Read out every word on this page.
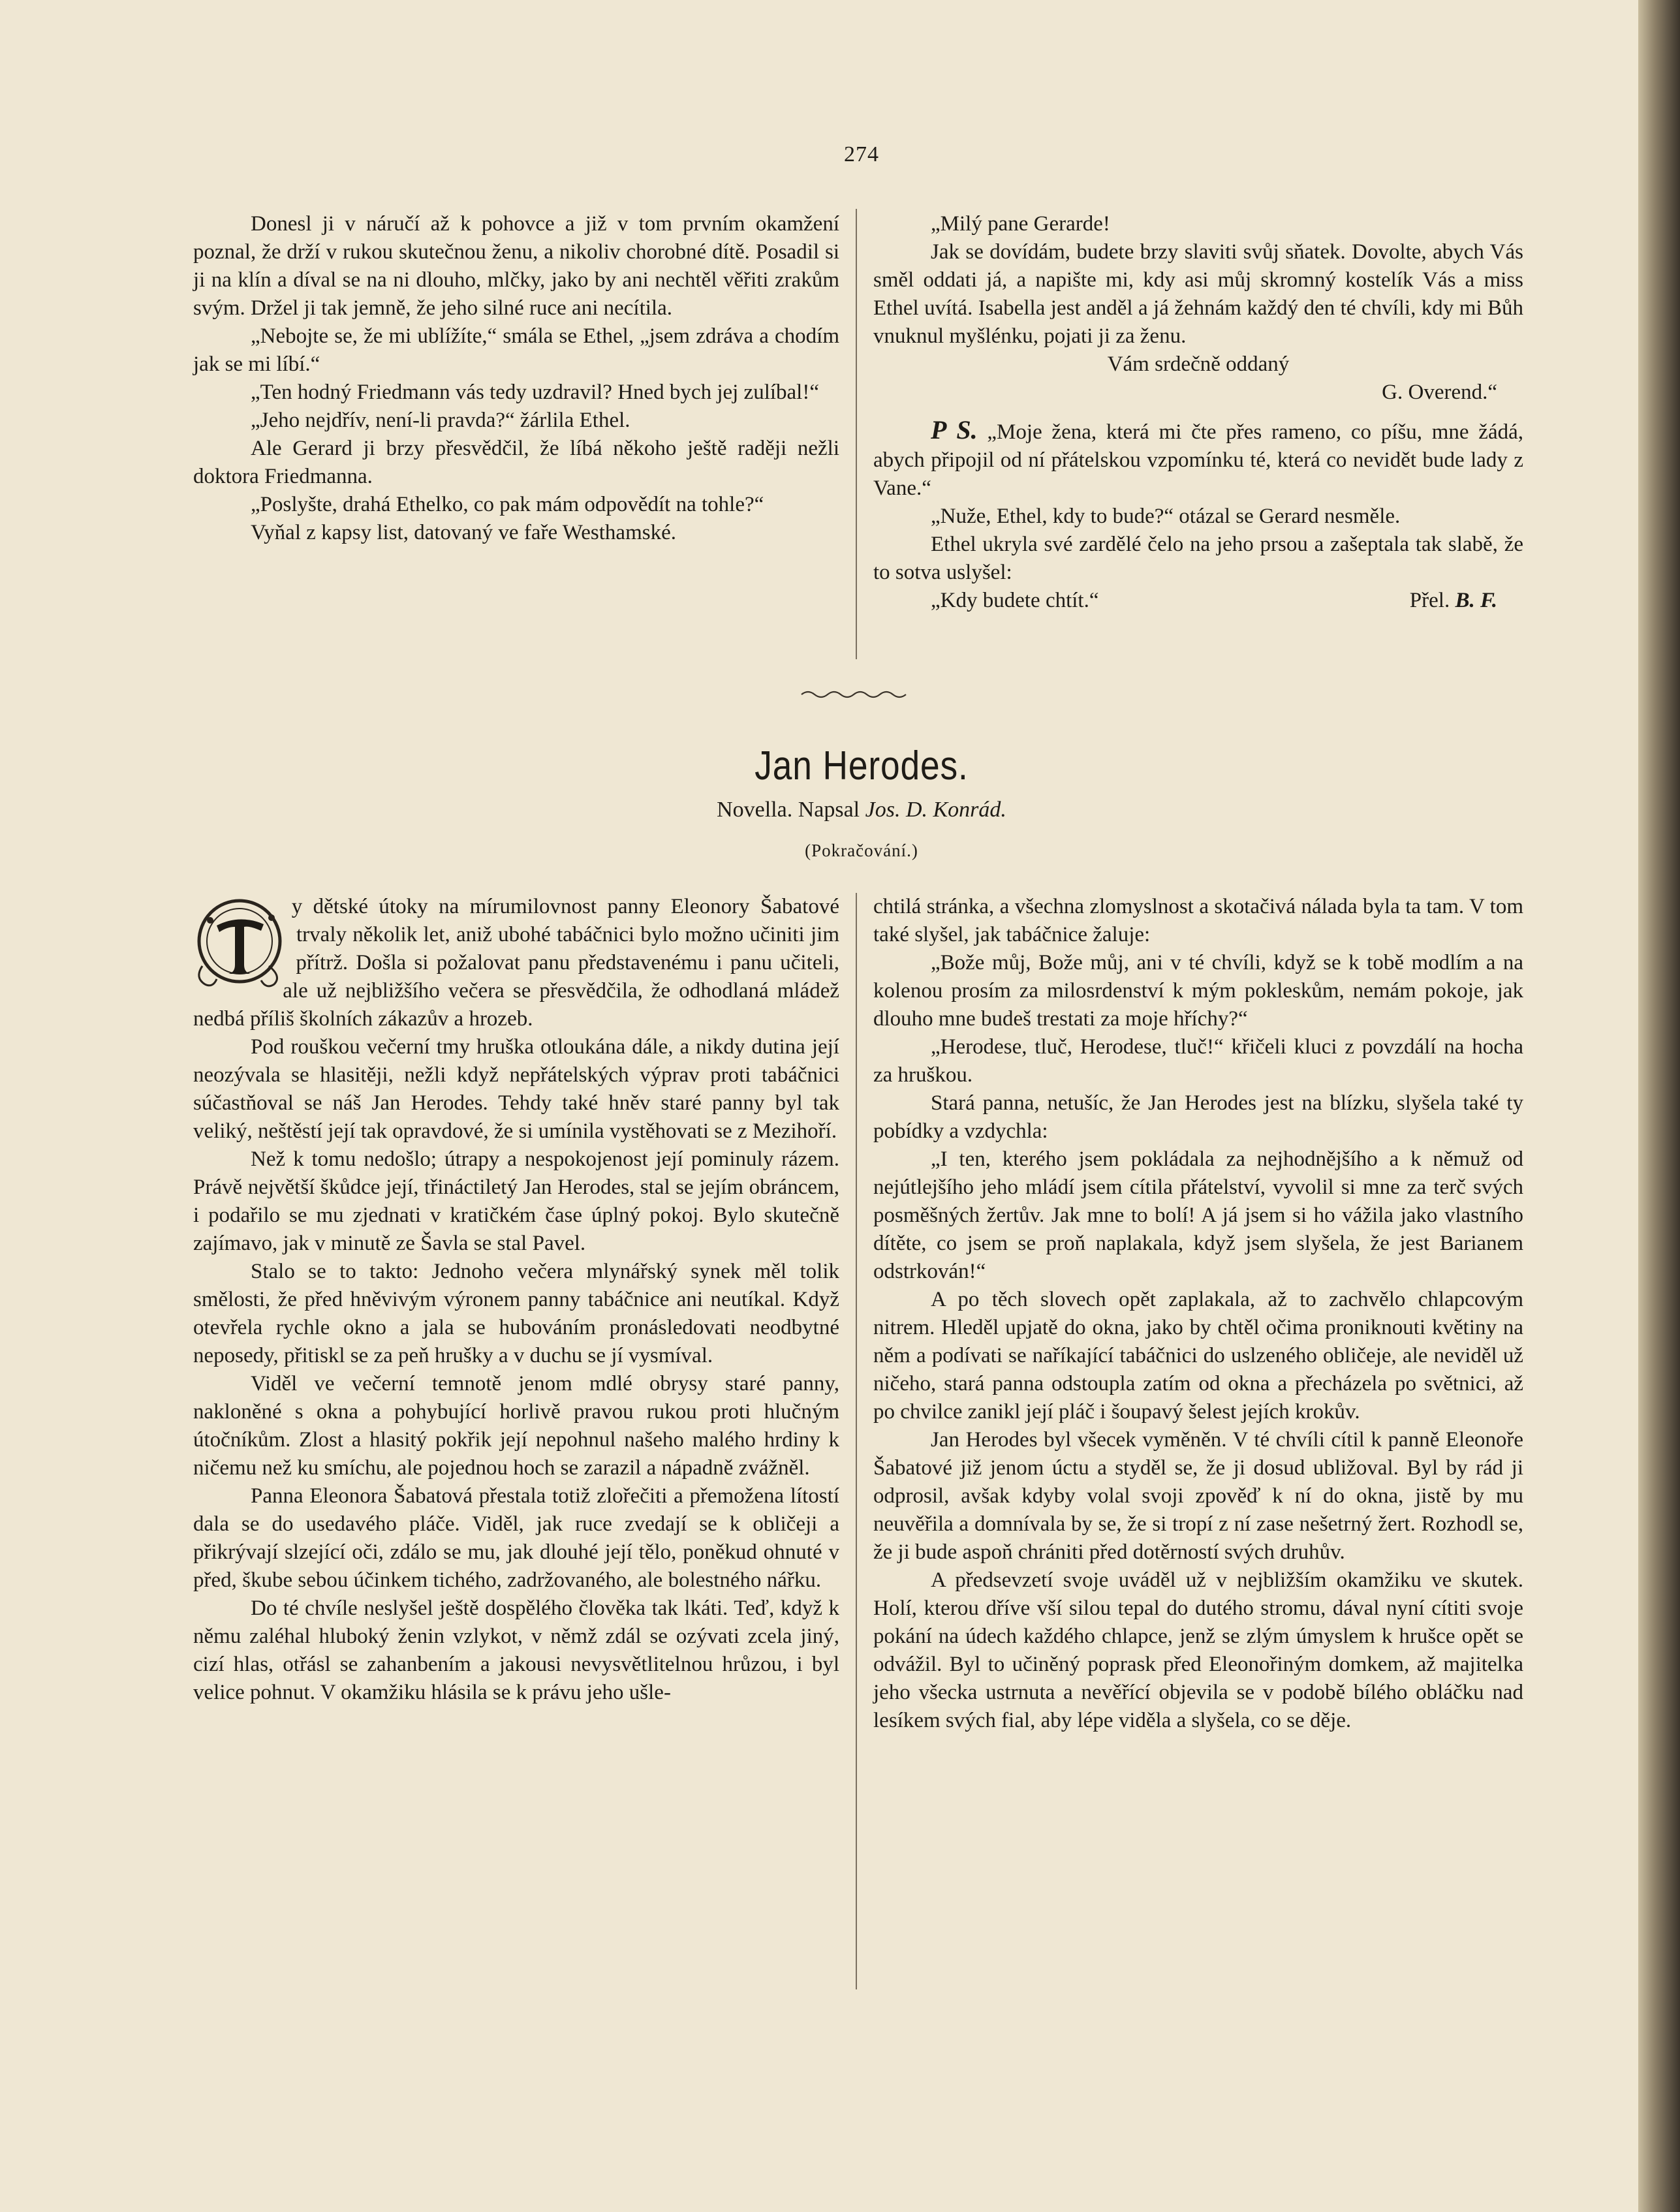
274

Donesl ji v náručí až k pohovce a již v tom prvním okamžení poznal, že drží v rukou skutečnou ženu, a nikoliv chorobné dítě. Posadil si ji na klín a díval se na ni dlouho, mlčky, jako by ani nechtěl věřiti zrakům svým. Držel ji tak jemně, že jeho silné ruce ani necítila.

„Nebojte se, že mi ublížíte,“ smála se Ethel, „jsem zdráva a chodím jak se mi líbí.“

„Ten hodný Friedmann vás tedy uzdravil? Hned bych jej zulíbal!“

„Jeho nejdřív, není-li pravda?“ žárlila Ethel.

Ale Gerard ji brzy přesvědčil, že líbá někoho ještě raději nežli doktora Friedmanna.

„Poslyšte, drahá Ethelko, co pak mám odpovědít na tohle?“

Vyňal z kapsy list, datovaný ve faře Westhamské.

„Milý pane Gerarde!

Jak se dovídám, budete brzy slaviti svůj sňatek. Dovolte, abych Vás směl oddati já, a napište mi, kdy asi můj skromný kostelík Vás a miss Ethel uvítá. Isabella jest anděl a já žehnám každý den té chvíli, kdy mi Bůh vnuknul myšlénku, pojati ji za ženu.

Vám srdečně oddaný

G. Overend.“

P S. „Moje žena, která mi čte přes rameno, co píšu, mne žádá, abych připojil od ní přátelskou vzpomínku té, která co nevidět bude lady z Vane.“

„Nuže, Ethel, kdy to bude?“ otázal se Gerard nesměle.

Ethel ukryla své zardělé čelo na jeho prsou a zašeptala tak slabě, že to sotva uslyšel:

„Kdy budete chtít.“	Přel. B. F.

Jan Herodes.
Novella. Napsal Jos. D. Konrád.
(Pokračování.)

y dětské útoky na mírumilovnost panny Eleonory Šabatové trvaly několik let, aniž ubohé tabáčnici bylo možno učiniti jim přítrž. Došla si požalovat panu představenému i panu učiteli, ale už nejbližšího večera se přesvědčila, že odhodlaná mládež nedbá příliš školních zákazův a hrozeb.

Pod rouškou večerní tmy hruška otloukána dále, a nikdy dutina její neozývala se hlasitěji, nežli když nepřátelských výprav proti tabáčnici súčastňoval se náš Jan Herodes. Tehdy také hněv staré panny byl tak veliký, neštěstí její tak opravdové, že si umínila vystěhovati se z Mezihoří.

Než k tomu nedošlo; útrapy a nespokojenost její pominuly rázem. Právě největší škůdce její, třináctiletý Jan Herodes, stal se jejím obráncem, i podařilo se mu zjednati v kratičkém čase úplný pokoj. Bylo skutečně zajímavo, jak v minutě ze Šavla se stal Pavel.

Stalo se to takto: Jednoho večera mlynářský synek měl tolik smělosti, že před hněvivým výronem panny tabáčnice ani neutíkal. Když otevřela rychle okno a jala se hubováním pronásledovati neodbytné neposedy, přitiskl se za peň hrušky a v duchu se jí vysmíval.

Viděl ve večerní temnotě jenom mdlé obrysy staré panny, nakloněné s okna a pohybující horlivě pravou rukou proti hlučným útočníkům. Zlost a hlasitý pokřik její nepohnul našeho malého hrdiny k ničemu než ku smíchu, ale pojednou hoch se zarazil a nápadně zvážněl.

Panna Eleonora Šabatová přestala totiž zlořečiti a přemožena lítostí dala se do usedavého pláče. Viděl, jak ruce zvedají se k obličeji a přikrývají slzející oči, zdálo se mu, jak dlouhé její tělo, poněkud ohnuté v před, škube sebou účinkem tichého, zadržovaného, ale bolestného nářku.

Do té chvíle neslyšel ještě dospělého člověka tak lkáti. Teď, když k němu zaléhal hluboký ženin vzlykot, v němž zdál se ozývati zcela jiný, cizí hlas, otřásl se zahanbením a jakousi nevysvětlitelnou hrůzou, i byl velice pohnut. V okamžiku hlásila se k právu jeho ušle-

chtilá stránka, a všechna zlomyslnost a skotačivá nálada byla ta tam. V tom také slyšel, jak tabáčnice žaluje:

„Bože můj, Bože můj, ani v té chvíli, když se k tobě modlím a na kolenou prosím za milosrdenství k mým pokleskům, nemám pokoje, jak dlouho mne budeš trestati za moje hříchy?“

„Herodese, tluč, Herodese, tluč!“ křičeli kluci z povzdálí na hocha za hruškou.

Stará panna, netušíc, že Jan Herodes jest na blízku, slyšela také ty pobídky a vzdychla:

„I ten, kterého jsem pokládala za nejhodnějšího a k němuž od nejútlejšího jeho mládí jsem cítila přátelství, vyvolil si mne za terč svých posměšných žertův. Jak mne to bolí! A já jsem si ho vážila jako vlastního dítěte, co jsem se proň naplakala, když jsem slyšela, že jest Barianem odstrkován!“

A po těch slovech opět zaplakala, až to zachvělo chlapcovým nitrem. Hleděl upjatě do okna, jako by chtěl očima proniknouti květiny na něm a podívati se naříkající tabáčnici do uslzeného obličeje, ale neviděl už ničeho, stará panna odstoupla zatím od okna a přecházela po světnici, až po chvilce zanikl její pláč i šoupavý šelest jejích krokův.

Jan Herodes byl všecek vyměněn. V té chvíli cítil k panně Eleonoře Šabatové již jenom úctu a styděl se, že ji dosud ubližoval. Byl by rád ji odprosil, avšak kdyby volal svoji zpověď k ní do okna, jistě by mu neuvěřila a domnívala by se, že si tropí z ní zase nešetrný žert. Rozhodl se, že ji bude aspoň chrániti před dotěrností svých druhův.

A předsevzetí svoje uváděl už v nejbližším okamžiku ve skutek. Holí, kterou dříve vší silou tepal do dutého stromu, dával nyní cítiti svoje pokání na údech každého chlapce, jenž se zlým úmyslem k hrušce opět se odvážil. Byl to učiněný poprask před Eleonořiným domkem, až majitelka jeho všecka ustrnuta a nevěřící objevila se v podobě bílého obláčku nad lesíkem svých fial, aby lépe viděla a slyšela, co se děje.
